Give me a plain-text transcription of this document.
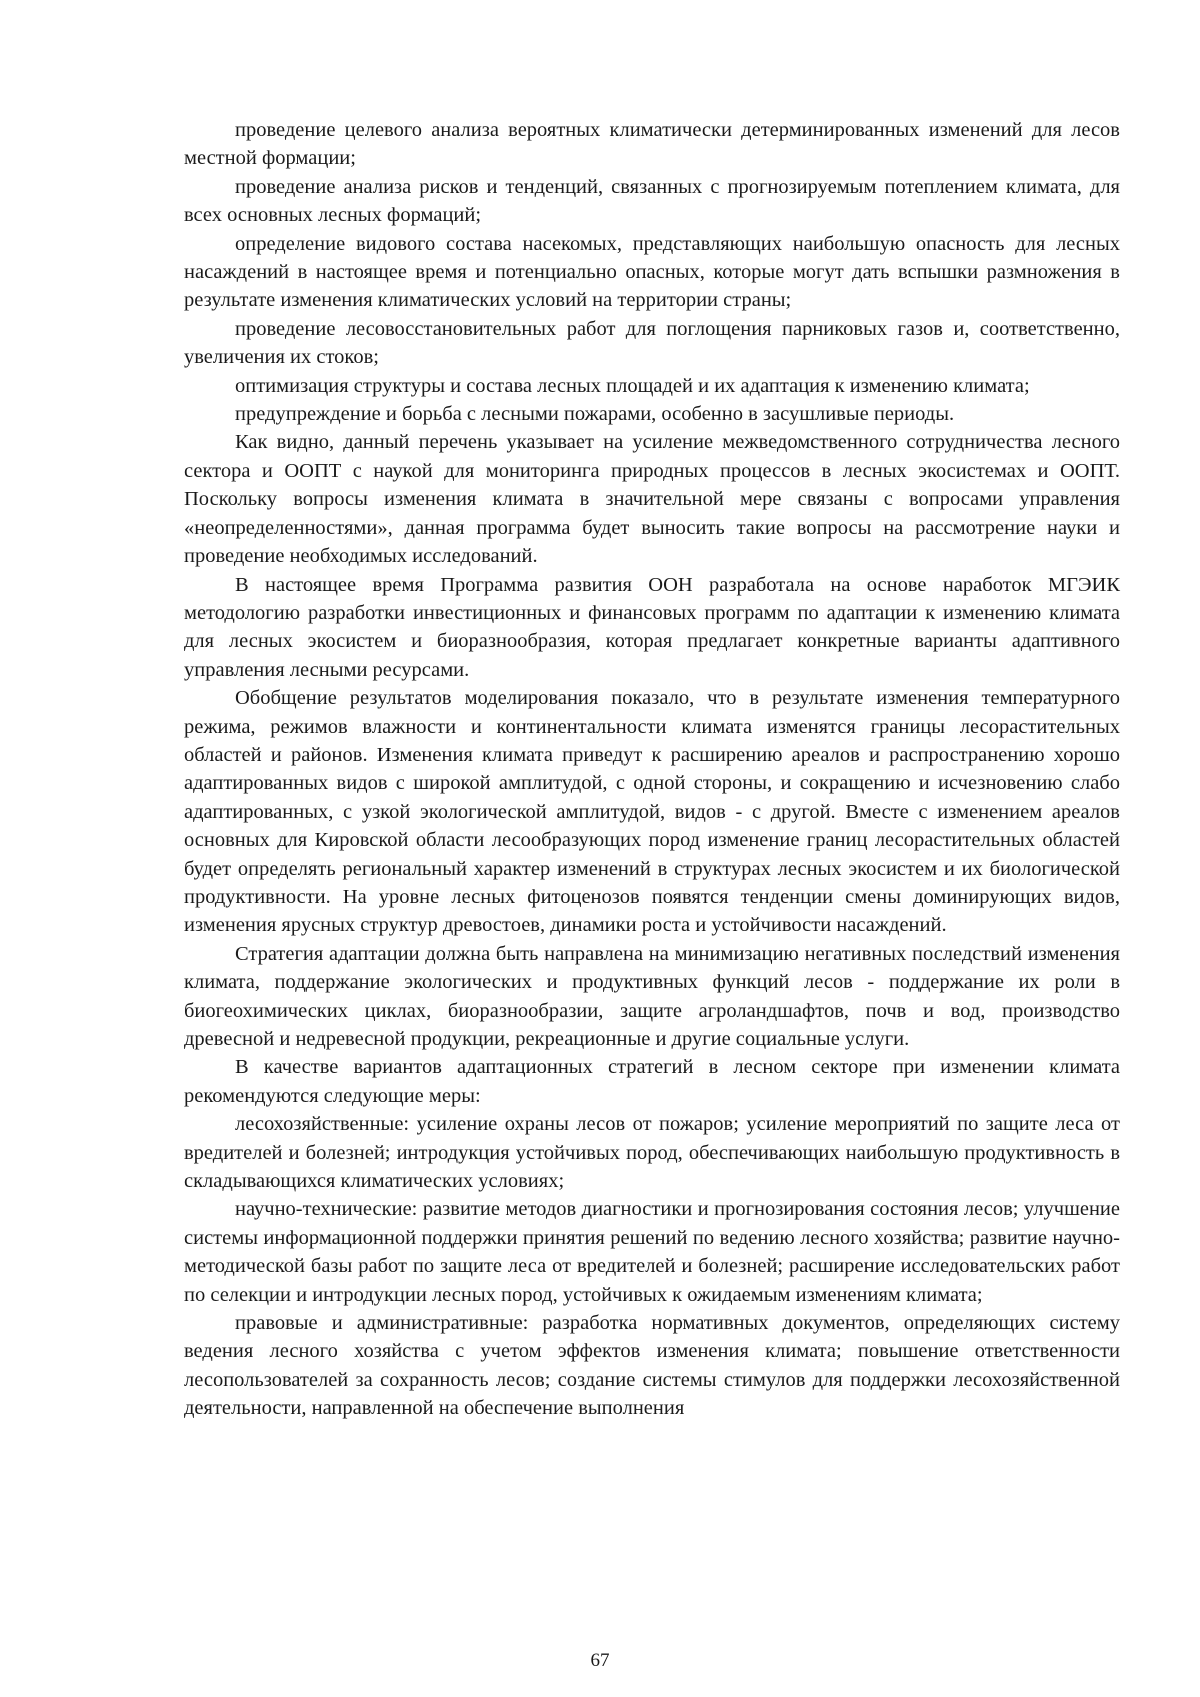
проведение целевого анализа вероятных климатически детерминированных изменений для лесов местной формации;

проведение анализа рисков и тенденций, связанных с прогнозируемым потеплением климата, для всех основных лесных формаций;

определение видового состава насекомых, представляющих наибольшую опасность для лесных насаждений в настоящее время и потенциально опасных, которые могут дать вспышки размножения в результате изменения климатических условий на территории страны;

проведение лесовосстановительных работ для поглощения парниковых газов и, соответственно, увеличения их стоков;

оптимизация структуры и состава лесных площадей и их адаптация к изменению климата;

предупреждение и борьба с лесными пожарами, особенно в засушливые периоды.

Как видно, данный перечень указывает на усиление межведомственного сотрудничества лесного сектора и ООПТ с наукой для мониторинга природных процессов в лесных экосистемах и ООПТ. Поскольку вопросы изменения климата в значительной мере связаны с вопросами управления «неопределенностями», данная программа будет выносить такие вопросы на рассмотрение науки и проведение необходимых исследований.

В настоящее время Программа развития ООН разработала на основе наработок МГЭИК методологию разработки инвестиционных и финансовых программ по адаптации к изменению климата для лесных экосистем и биоразнообразия, которая предлагает конкретные варианты адаптивного управления лесными ресурсами.

Обобщение результатов моделирования показало, что в результате изменения температурного режима, режимов влажности и континентальности климата изменятся границы лесорастительных областей и районов. Изменения климата приведут к расширению ареалов и распространению хорошо адаптированных видов с широкой амплитудой, с одной стороны, и сокращению и исчезновению слабо адаптированных, с узкой экологической амплитудой, видов - с другой. Вместе с изменением ареалов основных для Кировской области лесообразующих пород изменение границ лесорастительных областей будет определять региональный характер изменений в структурах лесных экосистем и их биологической продуктивности. На уровне лесных фитоценозов появятся тенденции смены доминирующих видов, изменения ярусных структур древостоев, динамики роста и устойчивости насаждений.

Стратегия адаптации должна быть направлена на минимизацию негативных последствий изменения климата, поддержание экологических и продуктивных функций лесов - поддержание их роли в биогеохимических циклах, биоразнообразии, защите агроландшафтов, почв и вод, производство древесной и недревесной продукции, рекреационные и другие социальные услуги.

В качестве вариантов адаптационных стратегий в лесном секторе при изменении климата рекомендуются следующие меры:

лесохозяйственные: усиление охраны лесов от пожаров; усиление мероприятий по защите леса от вредителей и болезней; интродукция устойчивых пород, обеспечивающих наибольшую продуктивность в складывающихся климатических условиях;

научно-технические: развитие методов диагностики и прогнозирования состояния лесов; улучшение системы информационной поддержки принятия решений по ведению лесного хозяйства; развитие научно-методической базы работ по защите леса от вредителей и болезней; расширение исследовательских работ по селекции и интродукции лесных пород, устойчивых к ожидаемым изменениям климата;

правовые и административные: разработка нормативных документов, определяющих систему ведения лесного хозяйства с учетом эффектов изменения климата; повышение ответственности лесопользователей за сохранность лесов; создание системы стимулов для поддержки лесохозяйственной деятельности, направленной на обеспечение выполнения

67
